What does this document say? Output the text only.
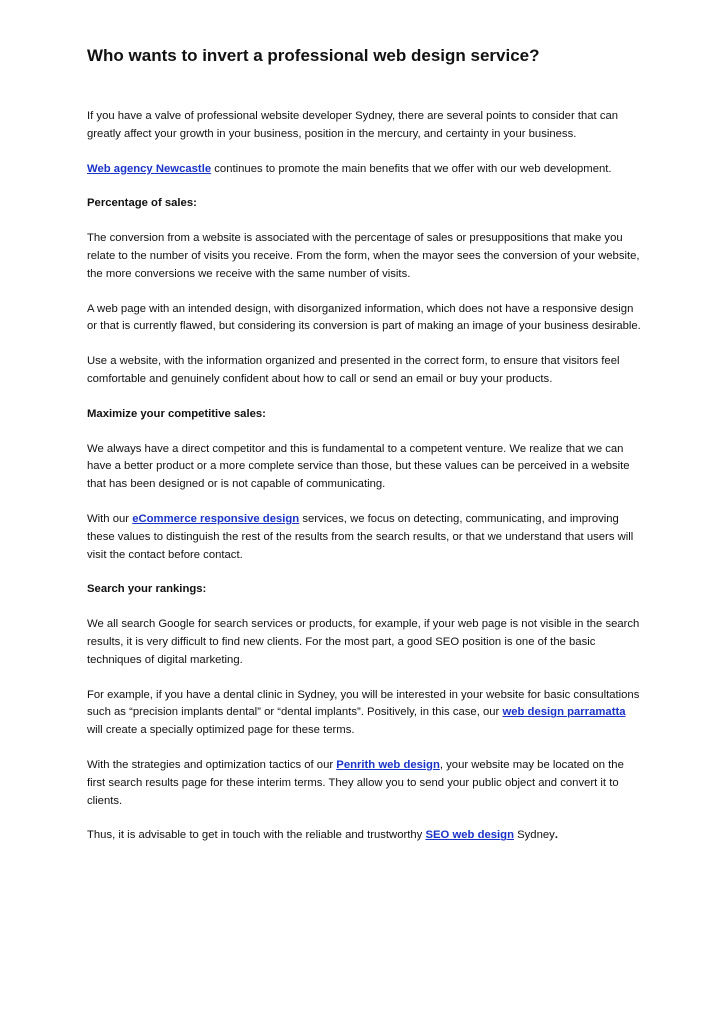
Who wants to invert a professional web design service?

If you have a valve of professional website developer Sydney, there are several points to consider that can greatly affect your growth in your business, position in the mercury, and certainty in your business.

Web agency Newcastle continues to promote the main benefits that we offer with our web development.

Percentage of sales:

The conversion from a website is associated with the percentage of sales or presuppositions that make you relate to the number of visits you receive. From the form, when the mayor sees the conversion of your website, the more conversions we receive with the same number of visits.

A web page with an intended design, with disorganized information, which does not have a responsive design or that is currently flawed, but considering its conversion is part of making an image of your business desirable.

Use a website, with the information organized and presented in the correct form, to ensure that visitors feel comfortable and genuinely confident about how to call or send an email or buy your products.

Maximize your competitive sales:

We always have a direct competitor and this is fundamental to a competent venture. We realize that we can have a better product or a more complete service than those, but these values can be perceived in a website that has been designed or is not capable of communicating.

With our eCommerce responsive design services, we focus on detecting, communicating, and improving these values to distinguish the rest of the results from the search results, or that we understand that users will visit the contact before contact.

Search your rankings:

We all search Google for search services or products, for example, if your web page is not visible in the search results, it is very difficult to find new clients. For the most part, a good SEO position is one of the basic techniques of digital marketing.

For example, if you have a dental clinic in Sydney, you will be interested in your website for basic consultations such as “precision implants dental” or “dental implants”. Positively, in this case, our web design parramatta will create a specially optimized page for these terms.

With the strategies and optimization tactics of our Penrith web design, your website may be located on the first search results page for these interim terms. They allow you to send your public object and convert it to clients.

Thus, it is advisable to get in touch with the reliable and trustworthy SEO web design Sydney.
